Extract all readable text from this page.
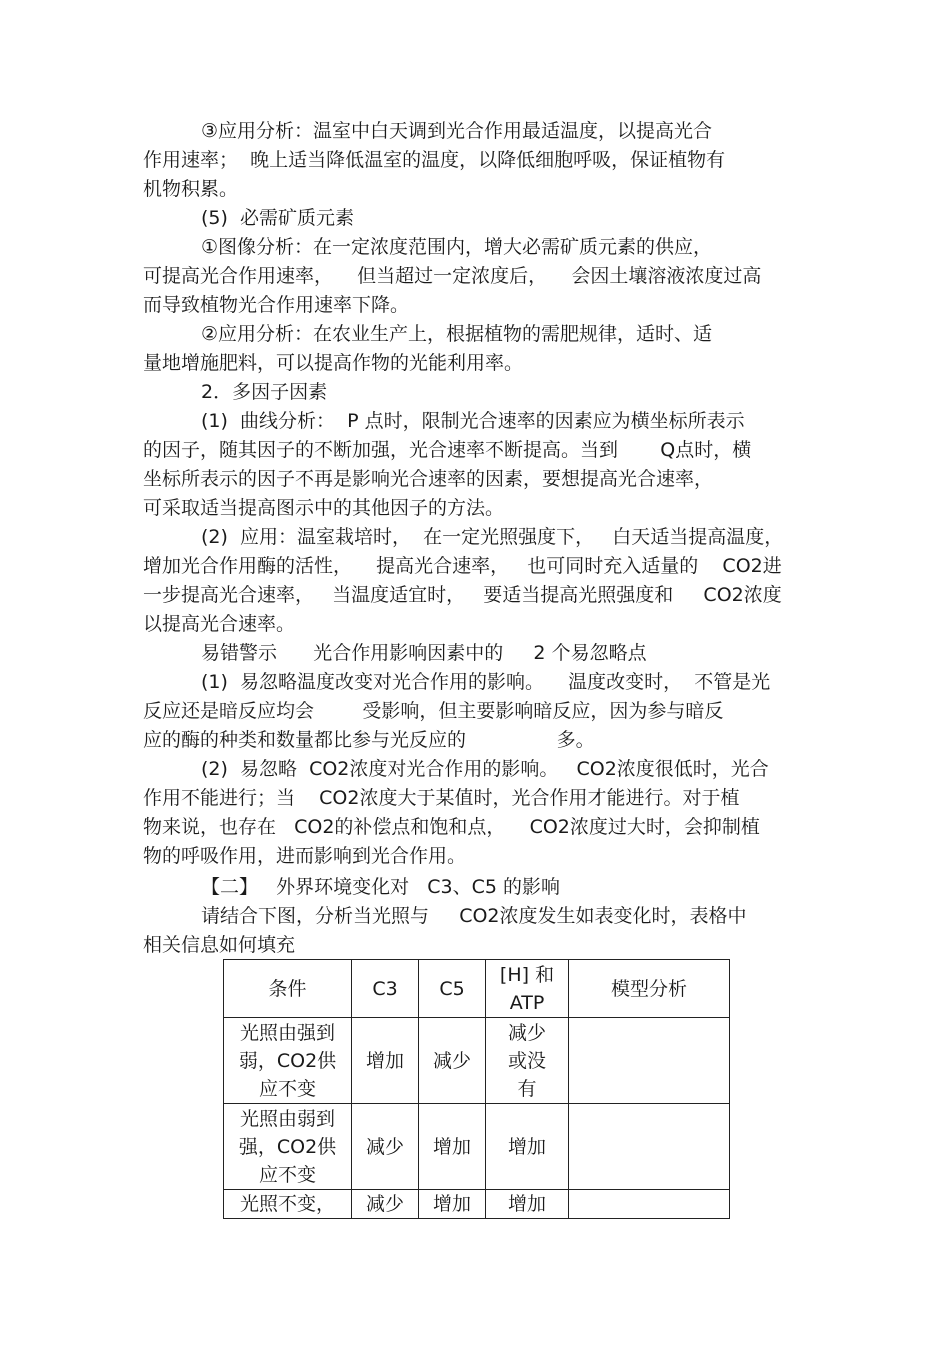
③应用分析：温室中白天调到光合作用最适温度，以提高光合
作用速率；  晚上适当降低温室的温度，以降低细胞呼吸，保证植物有
机物积累。
(5)  必需矿质元素
①图像分析：在一定浓度范围内，增大必需矿质元素的供应，
可提高光合作用速率，    但当超过一定浓度后，    会因土壤溶液浓度过高
而导致植物光合作用速率下降。
②应用分析：在农业生产上，根据植物的需肥规律，适时、适
量地增施肥料，可以提高作物的光能利用率。
2．多因子因素
(1)  曲线分析：  P 点时，限制光合速率的因素应为横坐标所表示
的因子，随其因子的不断加强，光合速率不断提高。当到       Q点时，横
坐标所表示的因子不再是影响光合速率的因素，要想提高光合速率，
可采取适当提高图示中的其他因子的方法。
(2)  应用：温室栽培时，  在一定光照强度下，   白天适当提高温度，
增加光合作用酶的活性，    提高光合速率，   也可同时充入适量的    CO2进
一步提高光合速率，   当温度适宜时，   要适当提高光照强度和     CO2浓度
以提高光合速率。
易错警示      光合作用影响因素中的     2 个易忽略点
(1)  易忽略温度改变对光合作用的影响。    温度改变时，  不管是光
反应还是暗反应均会        受影响，但主要影响暗反应，因为参与暗反
应的酶的种类和数量都比参与光反应的               多。
(2)  易忽略  CO2浓度对光合作用的影响。   CO2浓度很低时，光合
作用不能进行；当    CO2浓度大于某值时，光合作用才能进行。对于植
物来说，也存在   CO2的补偿点和饱和点，    CO2浓度过大时，会抑制植
物的呼吸作用，进而影响到光合作用。
【二】   外界环境变化对   C3、C5 的影响
请结合下图，分析当光照与     CO2浓度发生如表变化时，表格中
相关信息如何填充
条件	C3	C5	[H] 和
ATP	模型分析

光照由强到
弱，CO2供
应不变	增加	减少	减少
或没
有	

光照由弱到
强，CO2供
应不变	减少	增加	增加	

光照不变，	减少	增加	增加	
